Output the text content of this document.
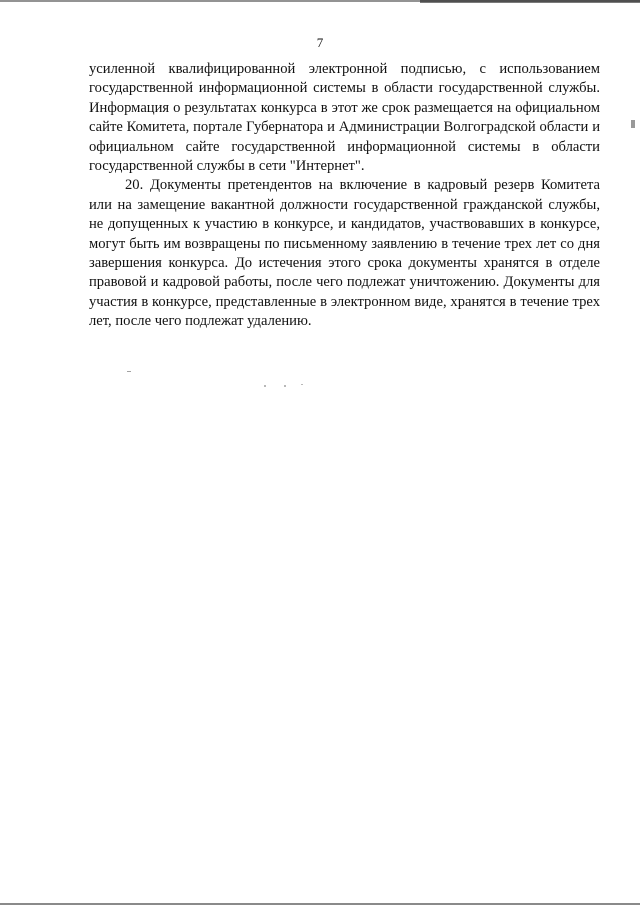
7

усиленной квалифицированной электронной подписью, с использованием государственной информационной системы в области государственной службы. Информация о результатах конкурса в этот же срок размещается на официальном сайте Комитета, портале Губернатора и Администрации Волгоградской области и официальном сайте государственной информационной системы в области государственной службы в сети "Интернет".

20. Документы претендентов на включение в кадровый резерв Комитета или на замещение вакантной должности государственной гражданской службы, не допущенных к участию в конкурсе, и кандидатов, участвовавших в конкурсе, могут быть им возвращены по письменному заявлению в течение трех лет со дня завершения конкурса. До истечения этого срока документы хранятся в отделе правовой и кадровой работы, после чего подлежат уничтожению. Документы для участия в конкурсе, представленные в электронном виде, хранятся в течение трех лет, после чего подлежат удалению.
